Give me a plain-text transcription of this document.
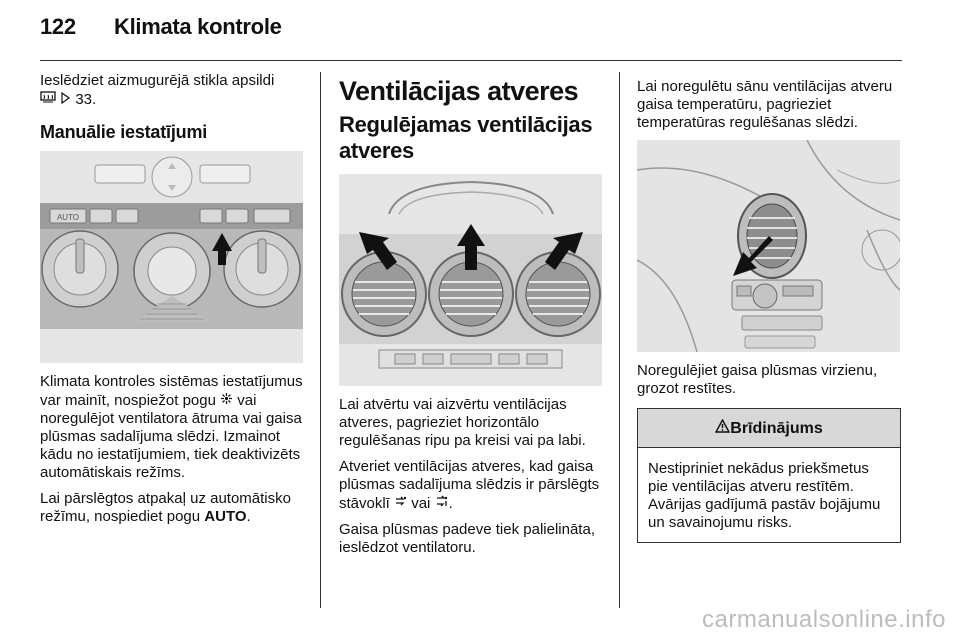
122 Klimata kontrole

Ieslēdziet aizmugurējā stikla apsildi
33.

Manuālie iestatījumi
AUTO

Klimata kontroles sistēmas iestatījumus var mainīt, nospiežot pogu vai noregulējot ventilatora ātruma vai gaisa plūsmas sadalījuma slēdzi. Izmainot kādu no iestatījumiem, tiek deaktivizēts automātiskais režīms.

Lai pārslēgtos atpakaļ uz automātisko režīmu, nospiediet pogu AUTO.

Ventilācijas atveres
Regulējamas ventilācijas atveres

Lai atvērtu vai aizvērtu ventilācijas atveres, pagrieziet horizontālo regulēšanas ripu pa kreisi vai pa labi.

Atveriet ventilācijas atveres, kad gaisa plūsmas sadalījuma slēdzis ir pārslēgts stāvoklī vai .

Gaisa plūsmas padeve tiek palielināta, ieslēdzot ventilatoru.

Lai noregulētu sānu ventilācijas atveru gaisa temperatūru, pagrieziet temperatūras regulēšanas slēdzi.

Noregulējiet gaisa plūsmas virzienu, grozot restītes.

Brīdinājums
Nestipriniet nekādus priekšmetus pie ventilācijas atveru restītēm. Avārijas gadījumā pastāv bojājumu un savainojumu risks.
carmanualsonline.info
